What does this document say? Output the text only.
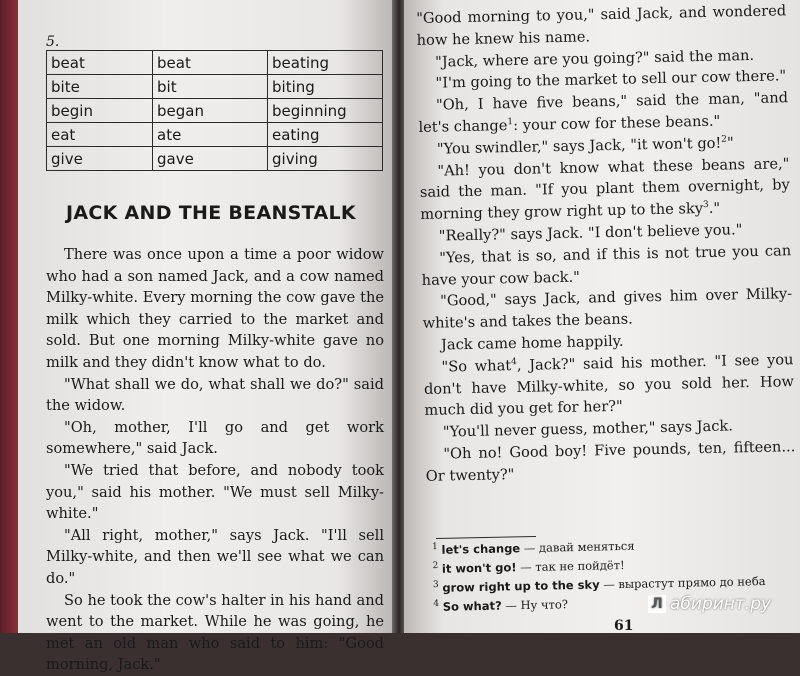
5.
beat	beat	beating
bite	bit	biting
begin	began	beginning
eat	ate	eating
give	gave	giving
JACK AND THE BEANSTALK

There was once upon a time a poor widow who had a son named Jack, and a cow named Milky-white. Every morning the cow gave the milk which they carried to the market and sold. But one morning Milky-white gave no milk and they didn't know what to do.

"What shall we do, what shall we do?" said the widow.

"Oh, mother, I'll go and get work somewhere," said Jack.

"We tried that before, and nobody took you," said his mother. "We must sell Milky-white."

"All right, mother," says Jack. "I'll sell Milky-white, and then we'll see what we can do."

So he took the cow's halter in his hand and went to the market. While he was going, he met an old man who said to him: "Good morning, Jack."

"Good morning to you," said Jack, and wondered how he knew his name.

"Jack, where are you going?" said the man.

"I'm going to the market to sell our cow there."

"Oh, I have five beans," said the man, "and let's change$^1$: your cow for these beans."

"You swindler," says Jack, "it won't go!$^2$"

"Ah! you don't know what these beans are," said the man. "If you plant them overnight, by morning they grow right up to the sky$^3$."

"Really?" says Jack. "I don't believe you."

"Yes, that is so, and if this is not true you can have your cow back."

"Good," says Jack, and gives him over Milky-white's and takes the beans.

Jack came home happily.

"So what$^4$, Jack?" said his mother. "I see you don't have Milky-white, so you sold her. How much did you get for her?"

"You'll never guess, mother," says Jack.

"Oh no! Good boy! Five pounds, ten, fifteen... Or twenty?"

$^1$ let's change — давай меняться
$^2$ it won't go! — так не пойдёт!
$^3$ grow right up to the sky — вырастут прямо до неба
$^4$ So what? — Ну что?
61
Л абиринт.ру
